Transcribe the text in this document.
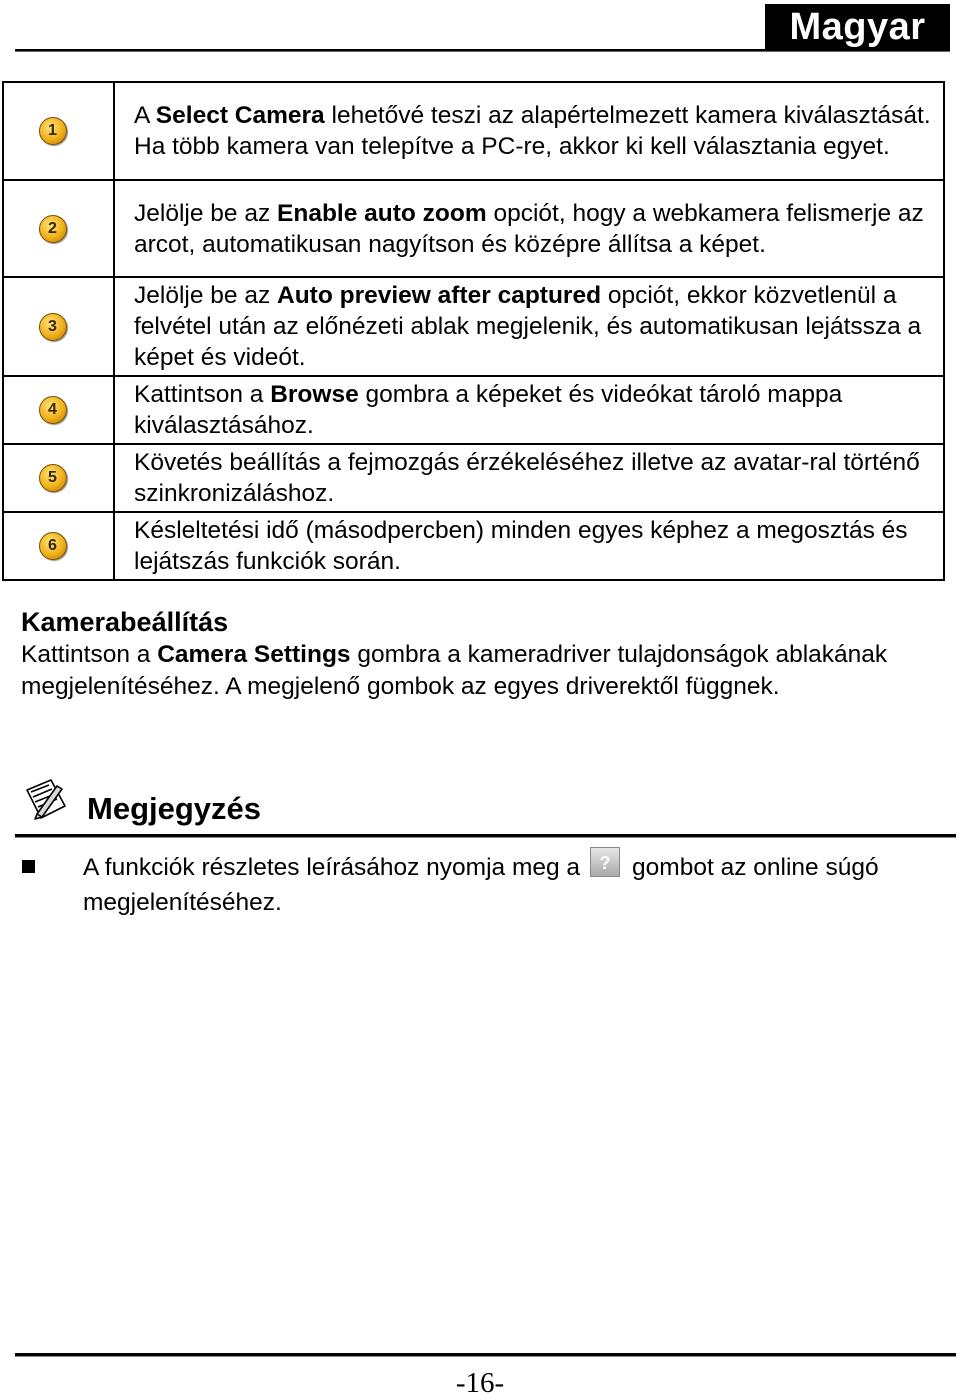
Magyar
1	A Select Camera lehetővé teszi az alapértelmezett kamera kiválasztását. Ha több kamera van telepítve a PC-re, akkor ki kell választania egyet.
2	Jelölje be az Enable auto zoom opciót, hogy a webkamera felismerje az arcot, automatikusan nagyítson és középre állítsa a képet.
3	Jelölje be az Auto preview after captured opciót, ekkor közvetlenül a felvétel után az előnézeti ablak megjelenik, és automatikusan lejátssza a képet és videót.
4	Kattintson a Browse gombra a képeket és videókat tároló mappa kiválasztásához.
5	Követés beállítás a fejmozgás érzékeléséhez illetve az avatar-ral történő szinkronizáláshoz.
6	Késleltetési idő (másodpercben) minden egyes képhez a megosztás és lejátszás funkciók során.
Kamerabeállítás
Kattintson a Camera Settings gombra a kameradriver tulajdonságok ablakának megjelenítéséhez. A megjelenő gombok az egyes driverektől függnek.
Megjegyzés
A funkciók részletes leírásához nyomja meg a ? gombot az online súgó megjelenítéséhez.
-16-
